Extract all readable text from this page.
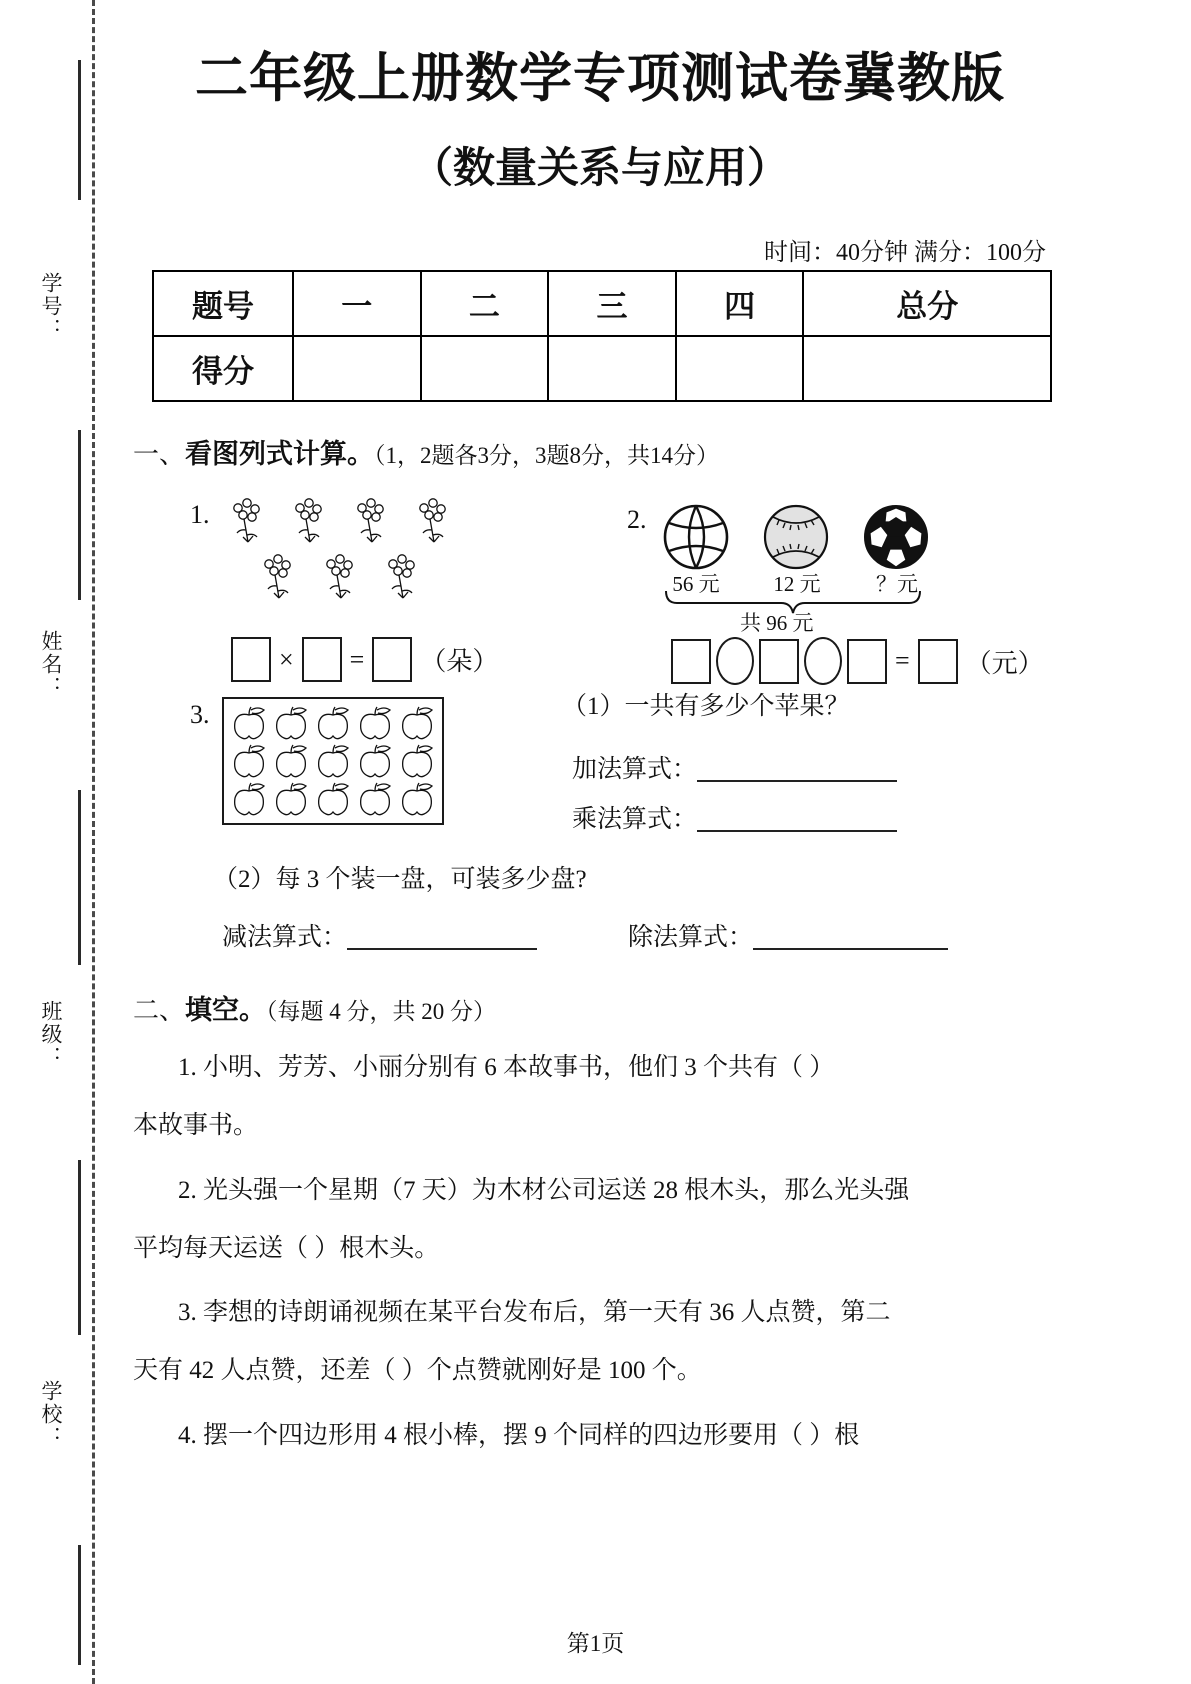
学号：
姓名：
班级：
学校：
二年级上册数学专项测试卷冀教版
（数量关系与应用）
时间：40分钟 满分：100分
题号	一	二	三	四	总分
得分					
一、看图列式计算。（1，2题各3分，3题8分，共14分）
1.
× = （朵）
2.
56 元	12 元	？元
共 96 元
= （元）
3.	（1）一共有多少个苹果？
加法算式：
乘法算式：
（2）每 3 个装一盘，可装多少盘?
减法算式：	除法算式：
二、填空。（每题 4 分，共 20 分）
1. 小明、芳芳、小丽分别有 6 本故事书，他们 3 个共有（ ）
本故事书。
2. 光头强一个星期（7 天）为木材公司运送 28 根木头，那么光头强
平均每天运送（ ）根木头。
3. 李想的诗朗诵视频在某平台发布后，第一天有 36 人点赞，第二
天有 42 人点赞，还差（ ）个点赞就刚好是 100 个。
4. 摆一个四边形用 4 根小棒，摆 9 个同样的四边形要用（ ）根
第1页
